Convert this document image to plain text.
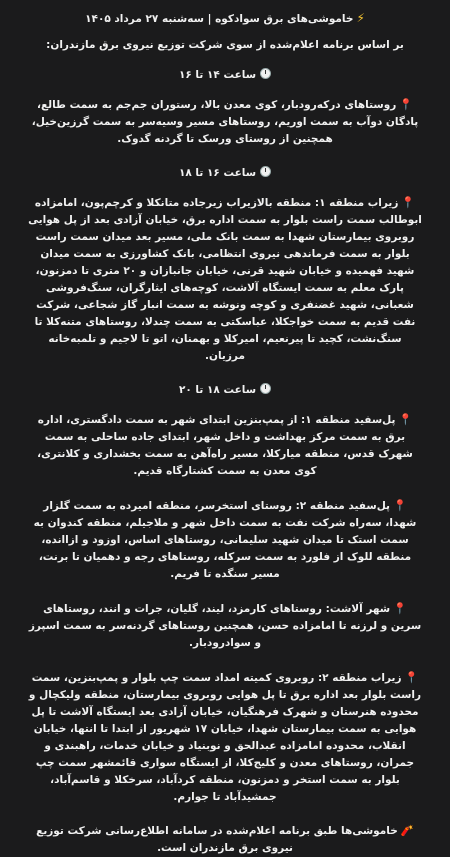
⚡خاموشی‌های برق سوادکوه | سه‌شنبه ۲۷ مرداد ۱۴۰۵

بر اساس برنامه اعلام‌شده از سوی شرکت توزیع نیروی برق مازندران:

ساعت ۱۴ تا ۱۶

📍روستاهای درکه‌رودبار، کوی معدن بالا، رستوران جم‌جم به سمت طالع، پادگان دوآب به سمت اوریم، روستاهای مسیر وسیه‌سر به سمت گرزین‌خیل، همچنین از روستای ورسک تا گردنه گدوک.

ساعت ۱۶ تا ۱۸

📍زیراب منطقه ۱: منطقه بالازیراب زیرجاده متانکلا و کرچم‌پون، امامزاده ابوطالب سمت راست بلوار به سمت اداره برق، خیابان آزادی بعد از پل هوایی روبروی بیمارستان شهدا به سمت بانک ملی، مسیر بعد میدان سمت راست بلوار به سمت فرماندهی نیروی انتظامی، بانک کشاورزی به سمت میدان شهید فهمیده و خیابان شهید قرنی، خیابان جانبازان و ۲۰ متری تا دمزنون، پارک معلم به سمت ایستگاه آلاشت، کوچه‌های ایثارگران، سنگ‌فروشی شعبانی، شهید غضنفری و کوچه ونوشه به سمت انبار گاز شجاعی، شرکت نفت قدیم به سمت خواجکلا، عباسکتی به سمت چندلا، روستاهای متنه‌کلا تا سنگ‌نشت، کچید تا پیرنعیم، امیرکلا و بهمنان، اتو تا لاجیم و تلمبه‌خانه مرزیان.

ساعت ۱۸ تا ۲۰

📍پل‌سفید منطقه ۱: از پمپ‌بنزین ابتدای شهر به سمت دادگستری، اداره برق به سمت مرکز بهداشت و داخل شهر، ابتدای جاده ساحلی به سمت شهرک قدس، منطقه میارکلا، مسیر راه‌آهن به سمت بخشداری و کلانتری، کوی معدن به سمت کشتارگاه قدیم.

📍پل‌سفید منطقه ۲: روستای استخرسر، منطقه امیرده به سمت گلزار شهدا، سه‌راه شرکت نفت به سمت داخل شهر و ملاجیلم، منطقه کندوان به سمت استک تا میدان شهید سلیمانی، روستاهای اساس، اوزود و ازاانده، منطقه للوک از فلورد به سمت سرکله، روستاهای رجه و دهمیان تا برنت، مسیر سنگده تا فریم.

📍شهر آلاشت: روستاهای کارمزد، لیند، گلیان، جرات و انند، روستاهای سرین و لرزنه تا امامزاده حسن، همچنین روستاهای گردنه‌سر به سمت اسپرز و سوادرودبار.

📍زیراب منطقه ۲: روبروی کمیته امداد سمت چپ بلوار و پمپ‌بنزین، سمت راست بلوار بعد اداره برق تا پل هوایی روبروی بیمارستان، منطقه ولیکچال و محدوده هنرستان و شهرک فرهنگیان، خیابان آزادی بعد ایستگاه آلاشت تا پل هوایی به سمت بیمارستان شهدا، خیابان ۱۷ شهریور از ابتدا تا انتها، خیابان انقلاب، محدوده امامزاده عبدالحق و نوبنیاد و خیابان خدمات، راهبندی و جمران، روستاهای معدن و کلیج‌کلا، از ایستگاه سواری قائمشهر سمت چپ بلوار به سمت استخر و دمزنون، منطقه کردآباد، سرخکلا و قاسم‌آباد، جمشیدآباد تا جوارم.

🧨خاموشی‌ها طبق برنامه اعلام‌شده در سامانه اطلاع‌رسانی شرکت توزیع نیروی برق مازندران است.
